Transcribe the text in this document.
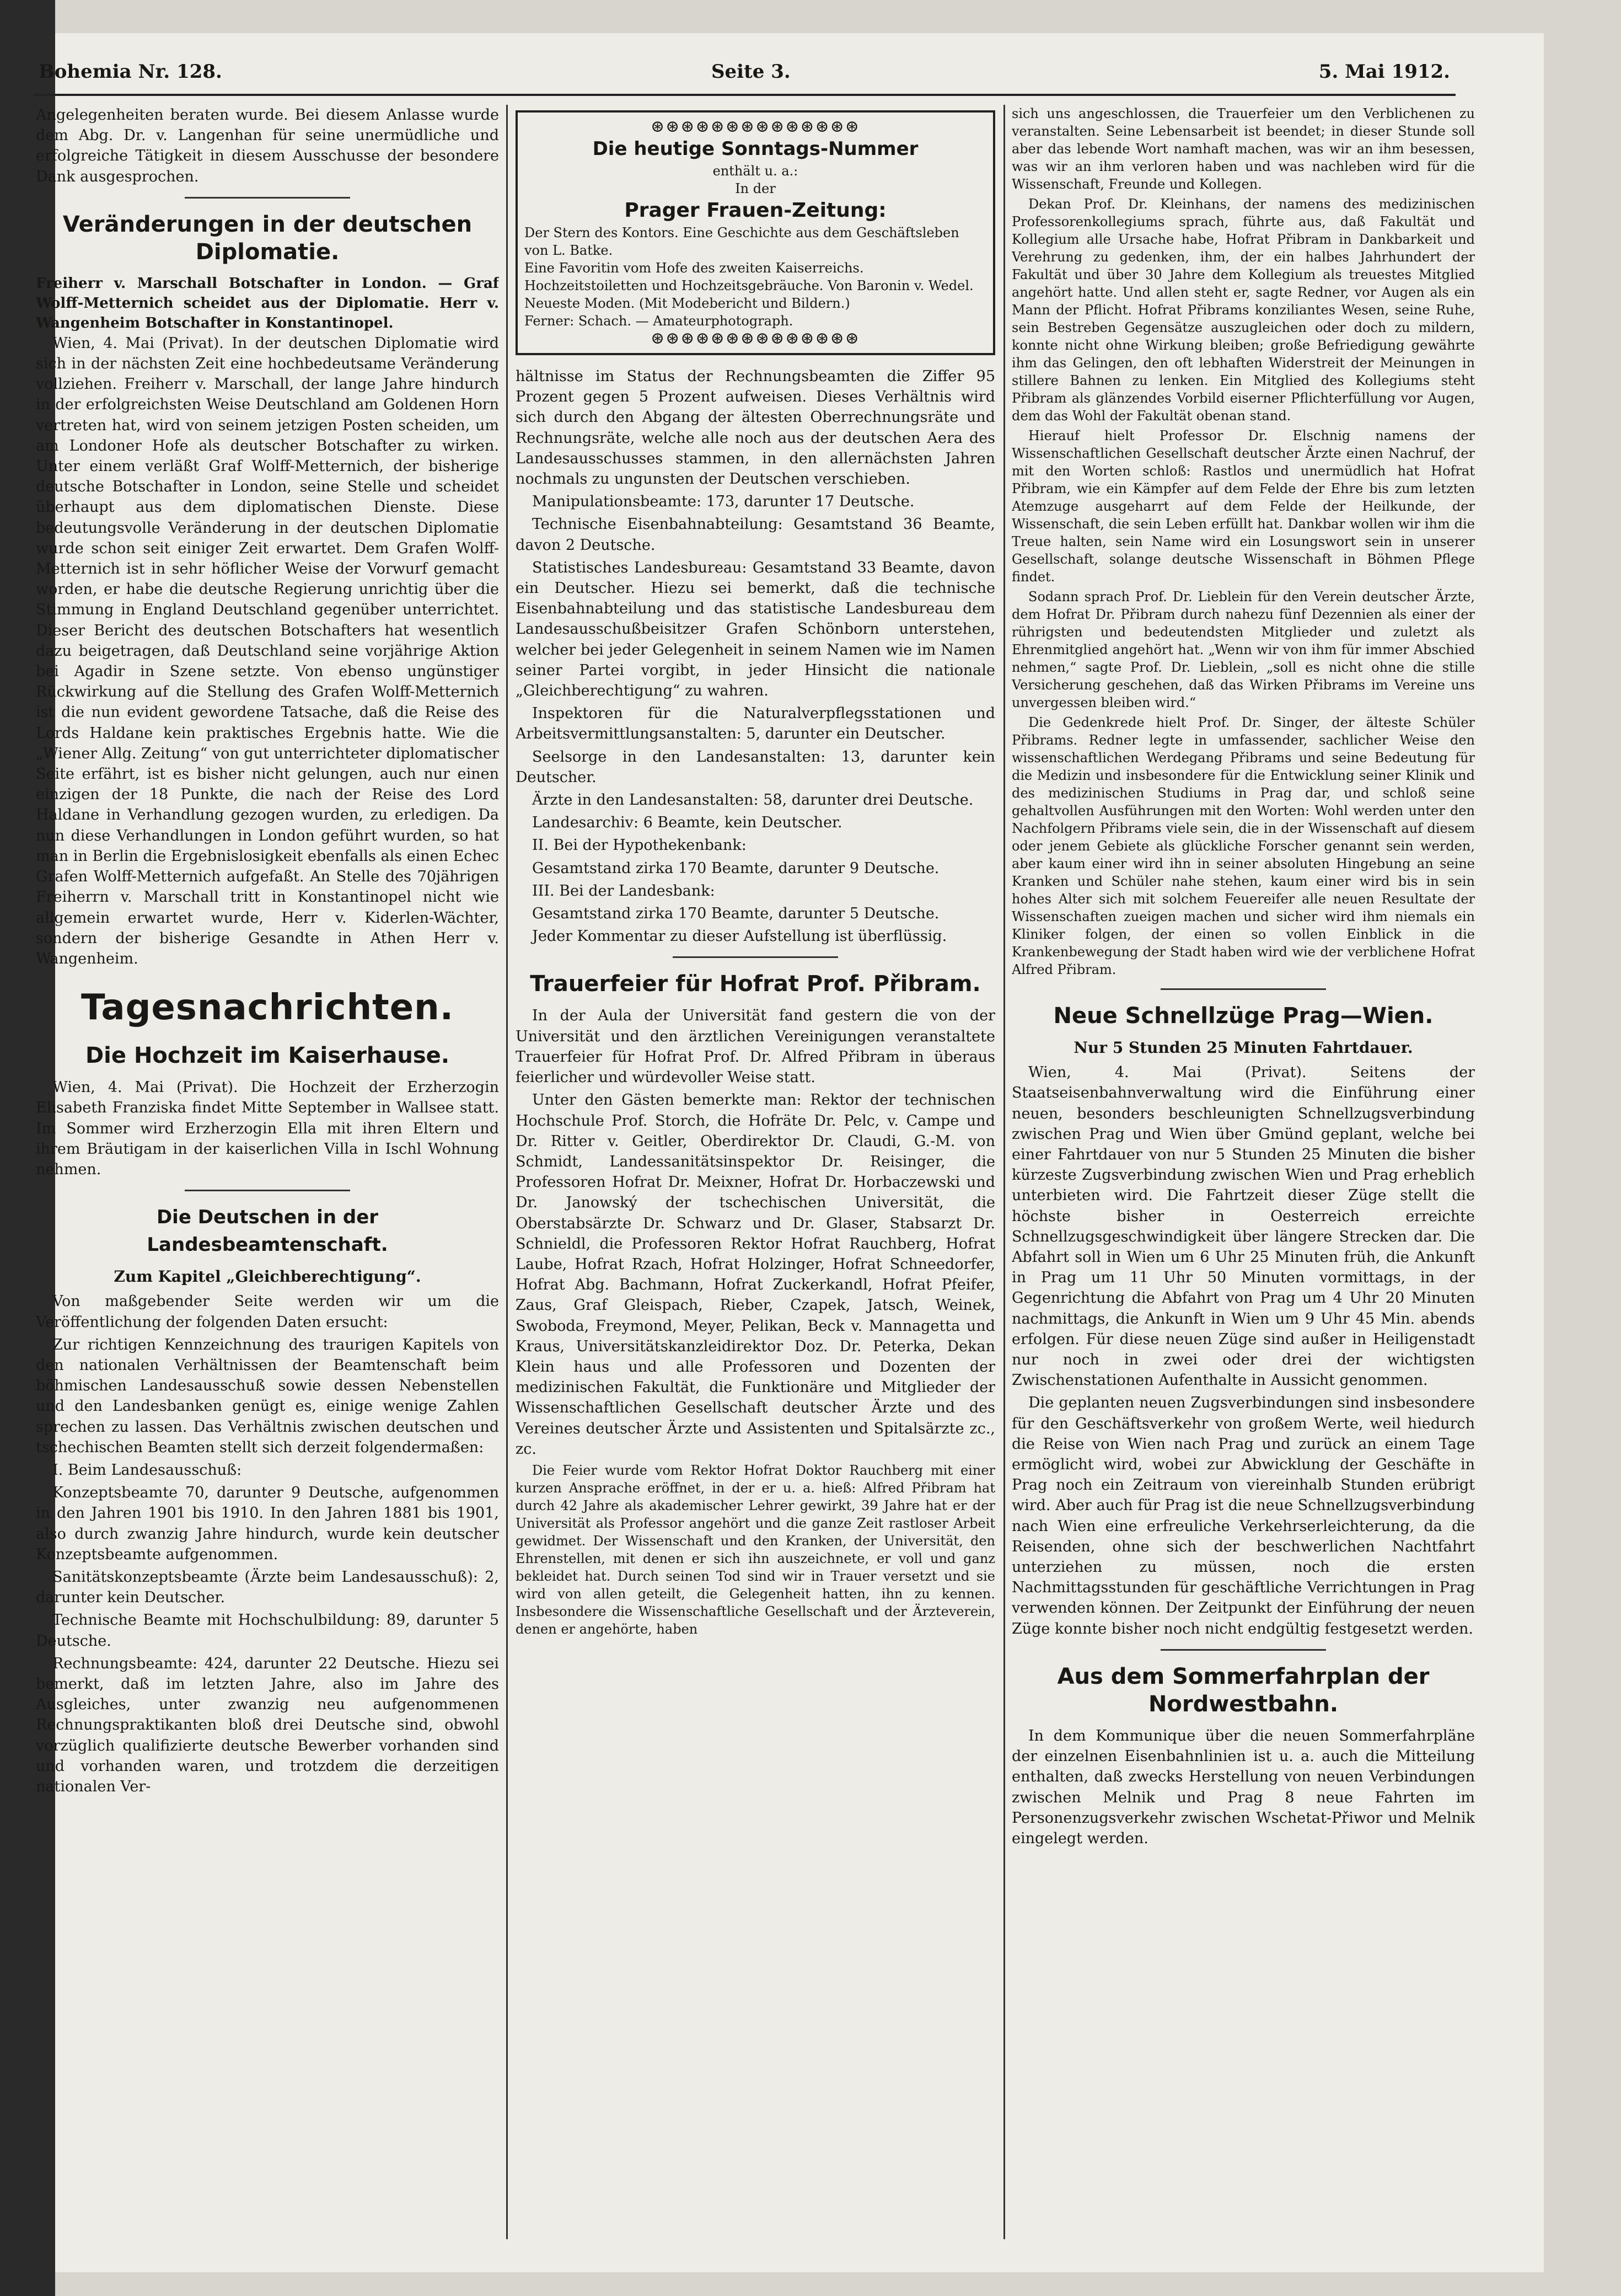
Bohemia Nr. 128.	Seite 3.	5. Mai 1912.

Angelegenheiten beraten wurde. Bei diesem Anlasse wurde dem Abg. Dr. v. Langenhan für seine unermüdliche und erfolgreiche Tätigkeit in diesem Ausschusse der besondere Dank ausgesprochen.

Veränderungen in der deutschen Diplomatie.

Freiherr v. Marschall Botschafter in London. — Graf Wolff-Metternich scheidet aus der Diplomatie. Herr v. Wangenheim Botschafter in Konstantinopel.

Wien, 4. Mai (Privat). In der deutschen Diplomatie wird sich in der nächsten Zeit eine hochbedeutsame Veränderung vollziehen. Freiherr v. Marschall, der lange Jahre hindurch in der erfolgreichsten Weise Deutschland am Goldenen Horn vertreten hat, wird von seinem jetzigen Posten scheiden, um am Londoner Hofe als deutscher Botschafter zu wirken. Unter einem verläßt Graf Wolff-Metternich, der bisherige deutsche Botschafter in London, seine Stelle und scheidet überhaupt aus dem diplomatischen Dienste. Diese bedeutungsvolle Veränderung in der deutschen Diplomatie wurde schon seit einiger Zeit erwartet. Dem Grafen Wolff-Metternich ist in sehr höflicher Weise der Vorwurf gemacht worden, er habe die deutsche Regierung unrichtig über die Stimmung in England Deutschland gegenüber unterrichtet. Dieser Bericht des deutschen Botschafters hat wesentlich dazu beigetragen, daß Deutschland seine vorjährige Aktion bei Agadir in Szene setzte. Von ebenso ungünstiger Rückwirkung auf die Stellung des Grafen Wolff-Metternich ist die nun evident gewordene Tatsache, daß die Reise des Lords Haldane kein praktisches Ergebnis hatte. Wie die „Wiener Allg. Zeitung“ von gut unterrichteter diplomatischer Seite erfährt, ist es bisher nicht gelungen, auch nur einen einzigen der 18 Punkte, die nach der Reise des Lord Haldane in Verhandlung gezogen wurden, zu erledigen. Da nun diese Verhandlungen in London geführt wurden, so hat man in Berlin die Ergebnislosigkeit ebenfalls als einen Echec Grafen Wolff-Metternich aufgefaßt. An Stelle des 70jährigen Freiherrn v. Marschall tritt in Konstantinopel nicht wie allgemein erwartet wurde, Herr v. Kiderlen-Wächter, sondern der bisherige Gesandte in Athen Herr v. Wangenheim.

Tagesnachrichten.
Die Hochzeit im Kaiserhause.

Wien, 4. Mai (Privat). Die Hochzeit der Erzherzogin Elisabeth Franziska findet Mitte September in Wallsee statt. Im Sommer wird Erzherzogin Ella mit ihren Eltern und ihrem Bräutigam in der kaiserlichen Villa in Ischl Wohnung nehmen.

Die Deutschen in der Landesbeamtenschaft.
Zum Kapitel „Gleichberechtigung“.

Von maßgebender Seite werden wir um die Veröffentlichung der folgenden Daten ersucht:

Zur richtigen Kennzeichnung des traurigen Kapitels von den nationalen Verhältnissen der Beamtenschaft beim böhmischen Landesausschuß sowie dessen Nebenstellen und den Landesbanken genügt es, einige wenige Zahlen sprechen zu lassen. Das Verhältnis zwischen deutschen und tschechischen Beamten stellt sich derzeit folgendermaßen:

I. Beim Landesausschuß:

Konzeptsbeamte 70, darunter 9 Deutsche, aufgenommen in den Jahren 1901 bis 1910. In den Jahren 1881 bis 1901, also durch zwanzig Jahre hindurch, wurde kein deutscher Konzeptsbeamte aufgenommen.

Sanitätskonzeptsbeamte (Ärzte beim Landesausschuß): 2, darunter kein Deutscher.

Technische Beamte mit Hochschulbildung: 89, darunter 5 Deutsche.

Rechnungsbeamte: 424, darunter 22 Deutsche. Hiezu sei bemerkt, daß im letzten Jahre, also im Jahre des Ausgleiches, unter zwanzig neu aufgenommenen Rechnungspraktikanten bloß drei Deutsche sind, obwohl vorzüglich qualifizierte deutsche Bewerber vorhanden sind und vorhanden waren, und trotzdem die derzeitigen nationalen Ver-

⊛⊛⊛⊛⊛⊛⊛⊛⊛⊛⊛⊛⊛⊛
Die heutige Sonntags-Nummer
enthält u. a.:
In der
Prager Frauen-Zeitung:
Der Stern des Kontors. Eine Geschichte aus dem Geschäftsleben von L. Batke.
Eine Favoritin vom Hofe des zweiten Kaiserreichs.
Hochzeitstoiletten und Hochzeitsgebräuche. Von Baronin v. Wedel.
Neueste Moden. (Mit Modebericht und Bildern.)
Ferner: Schach. — Amateurphotograph.
⊛⊛⊛⊛⊛⊛⊛⊛⊛⊛⊛⊛⊛⊛

hältnisse im Status der Rechnungsbeamten die Ziffer 95 Prozent gegen 5 Prozent aufweisen. Dieses Verhältnis wird sich durch den Abgang der ältesten Oberrechnungsräte und Rechnungsräte, welche alle noch aus der deutschen Aera des Landesausschusses stammen, in den allernächsten Jahren nochmals zu ungunsten der Deutschen verschieben.

Manipulationsbeamte: 173, darunter 17 Deutsche.

Technische Eisenbahnabteilung: Gesamtstand 36 Beamte, davon 2 Deutsche.

Statistisches Landesbureau: Gesamtstand 33 Beamte, davon ein Deutscher. Hiezu sei bemerkt, daß die technische Eisenbahnabteilung und das statistische Landesbureau dem Landesausschußbeisitzer Grafen Schönborn unterstehen, welcher bei jeder Gelegenheit in seinem Namen wie im Namen seiner Partei vorgibt, in jeder Hinsicht die nationale „Gleichberechtigung“ zu wahren.

Inspektoren für die Naturalverpflegsstationen und Arbeitsvermittlungsanstalten: 5, darunter ein Deutscher.

Seelsorge in den Landesanstalten: 13, darunter kein Deutscher.

Ärzte in den Landesanstalten: 58, darunter drei Deutsche.

Landesarchiv: 6 Beamte, kein Deutscher.

II. Bei der Hypothekenbank:

Gesamtstand zirka 170 Beamte, darunter 9 Deutsche.

III. Bei der Landesbank:

Gesamtstand zirka 170 Beamte, darunter 5 Deutsche.

Jeder Kommentar zu dieser Aufstellung ist überflüssig.

Trauerfeier für Hofrat Prof. Přibram.

In der Aula der Universität fand gestern die von der Universität und den ärztlichen Vereinigungen veranstaltete Trauerfeier für Hofrat Prof. Dr. Alfred Přibram in überaus feierlicher und würdevoller Weise statt.

Unter den Gästen bemerkte man: Rektor der technischen Hochschule Prof. Storch, die Hofräte Dr. Pelc, v. Campe und Dr. Ritter v. Geitler, Oberdirektor Dr. Claudi, G.-M. von Schmidt, Landessanitätsinspektor Dr. Reisinger, die Professoren Hofrat Dr. Meixner, Hofrat Dr. Horbaczewski und Dr. Janowský der tschechischen Universität, die Oberstabsärzte Dr. Schwarz und Dr. Glaser, Stabsarzt Dr. Schnieldl, die Professoren Rektor Hofrat Rauchberg, Hofrat Laube, Hofrat Rzach, Hofrat Holzinger, Hofrat Schneedorfer, Hofrat Abg. Bachmann, Hofrat Zuckerkandl, Hofrat Pfeifer, Zaus, Graf Gleispach, Rieber, Czapek, Jatsch, Weinek, Swoboda, Freymond, Meyer, Pelikan, Beck v. Mannagetta und Kraus, Universitätskanzleidirektor Doz. Dr. Peterka, Dekan Klein haus und alle Professoren und Dozenten der medizinischen Fakultät, die Funktionäre und Mitglieder der Wissenschaftlichen Gesellschaft deutscher Ärzte und des Vereines deutscher Ärzte und Assistenten und Spitalsärzte zc., zc.

Die Feier wurde vom Rektor Hofrat Doktor Rauchberg mit einer kurzen Ansprache eröffnet, in der er u. a. hieß: Alfred Přibram hat durch 42 Jahre als akademischer Lehrer gewirkt, 39 Jahre hat er der Universität als Professor angehört und die ganze Zeit rastloser Arbeit gewidmet. Der Wissenschaft und den Kranken, der Universität, den Ehrenstellen, mit denen er sich ihn auszeichnete, er voll und ganz bekleidet hat. Durch seinen Tod sind wir in Trauer versetzt und sie wird von allen geteilt, die Gelegenheit hatten, ihn zu kennen. Insbesondere die Wissenschaftliche Gesellschaft und der Ärzteverein, denen er angehörte, haben

sich uns angeschlossen, die Trauerfeier um den Verblichenen zu veranstalten. Seine Lebensarbeit ist beendet; in dieser Stunde soll aber das lebende Wort namhaft machen, was wir an ihm besessen, was wir an ihm verloren haben und was nachleben wird für die Wissenschaft, Freunde und Kollegen.

Dekan Prof. Dr. Kleinhans, der namens des medizinischen Professorenkollegiums sprach, führte aus, daß Fakultät und Kollegium alle Ursache habe, Hofrat Přibram in Dankbarkeit und Verehrung zu gedenken, ihm, der ein halbes Jahrhundert der Fakultät und über 30 Jahre dem Kollegium als treuestes Mitglied angehört hatte. Und allen steht er, sagte Redner, vor Augen als ein Mann der Pflicht. Hofrat Přibrams konziliantes Wesen, seine Ruhe, sein Bestreben Gegensätze auszugleichen oder doch zu mildern, konnte nicht ohne Wirkung bleiben; große Befriedigung gewährte ihm das Gelingen, den oft lebhaften Widerstreit der Meinungen in stillere Bahnen zu lenken. Ein Mitglied des Kollegiums steht Přibram als glänzendes Vorbild eiserner Pflichterfüllung vor Augen, dem das Wohl der Fakultät obenan stand.

Hierauf hielt Professor Dr. Elschnig namens der Wissenschaftlichen Gesellschaft deutscher Ärzte einen Nachruf, der mit den Worten schloß: Rastlos und unermüdlich hat Hofrat Přibram, wie ein Kämpfer auf dem Felde der Ehre bis zum letzten Atemzuge ausgeharrt auf dem Felde der Heilkunde, der Wissenschaft, die sein Leben erfüllt hat. Dankbar wollen wir ihm die Treue halten, sein Name wird ein Losungswort sein in unserer Gesellschaft, solange deutsche Wissenschaft in Böhmen Pflege findet.

Sodann sprach Prof. Dr. Lieblein für den Verein deutscher Ärzte, dem Hofrat Dr. Přibram durch nahezu fünf Dezennien als einer der rührigsten und bedeutendsten Mitglieder und zuletzt als Ehrenmitglied angehört hat. „Wenn wir von ihm für immer Abschied nehmen,“ sagte Prof. Dr. Lieblein, „soll es nicht ohne die stille Versicherung geschehen, daß das Wirken Přibrams im Vereine uns unvergessen bleiben wird.“

Die Gedenkrede hielt Prof. Dr. Singer, der älteste Schüler Přibrams. Redner legte in umfassender, sachlicher Weise den wissenschaftlichen Werdegang Přibrams und seine Bedeutung für die Medizin und insbesondere für die Entwicklung seiner Klinik und des medizinischen Studiums in Prag dar, und schloß seine gehaltvollen Ausführungen mit den Worten: Wohl werden unter den Nachfolgern Přibrams viele sein, die in der Wissenschaft auf diesem oder jenem Gebiete als glückliche Forscher genannt sein werden, aber kaum einer wird ihn in seiner absoluten Hingebung an seine Kranken und Schüler nahe stehen, kaum einer wird bis in sein hohes Alter sich mit solchem Feuereifer alle neuen Resultate der Wissenschaften zueigen machen und sicher wird ihm niemals ein Kliniker folgen, der einen so vollen Einblick in die Krankenbewegung der Stadt haben wird wie der verblichene Hofrat Alfred Přibram.

Neue Schnellzüge Prag—Wien.
Nur 5 Stunden 25 Minuten Fahrtdauer.

Wien, 4. Mai (Privat). Seitens der Staatseisenbahnverwaltung wird die Einführung einer neuen, besonders beschleunigten Schnellzugsverbindung zwischen Prag und Wien über Gmünd geplant, welche bei einer Fahrtdauer von nur 5 Stunden 25 Minuten die bisher kürzeste Zugsverbindung zwischen Wien und Prag erheblich unterbieten wird. Die Fahrtzeit dieser Züge stellt die höchste bisher in Oesterreich erreichte Schnellzugsgeschwindigkeit über längere Strecken dar. Die Abfahrt soll in Wien um 6 Uhr 25 Minuten früh, die Ankunft in Prag um 11 Uhr 50 Minuten vormittags, in der Gegenrichtung die Abfahrt von Prag um 4 Uhr 20 Minuten nachmittags, die Ankunft in Wien um 9 Uhr 45 Min. abends erfolgen. Für diese neuen Züge sind außer in Heiligenstadt nur noch in zwei oder drei der wichtigsten Zwischenstationen Aufenthalte in Aussicht genommen.

Die geplanten neuen Zugsverbindungen sind insbesondere für den Geschäftsverkehr von großem Werte, weil hiedurch die Reise von Wien nach Prag und zurück an einem Tage ermöglicht wird, wobei zur Abwicklung der Geschäfte in Prag noch ein Zeitraum von viereinhalb Stunden erübrigt wird. Aber auch für Prag ist die neue Schnellzugsverbindung nach Wien eine erfreuliche Verkehrserleichterung, da die Reisenden, ohne sich der beschwerlichen Nachtfahrt unterziehen zu müssen, noch die ersten Nachmittagsstunden für geschäftliche Verrichtungen in Prag verwenden können. Der Zeitpunkt der Einführung der neuen Züge konnte bisher noch nicht endgültig festgesetzt werden.

Aus dem Sommerfahrplan der Nordwestbahn.

In dem Kommunique über die neuen Sommerfahrpläne der einzelnen Eisenbahnlinien ist u. a. auch die Mitteilung enthalten, daß zwecks Herstellung von neuen Verbindungen zwischen Melnik und Prag 8 neue Fahrten im Personenzugsverkehr zwischen Wschetat-Přiwor und Melnik eingelegt werden.
